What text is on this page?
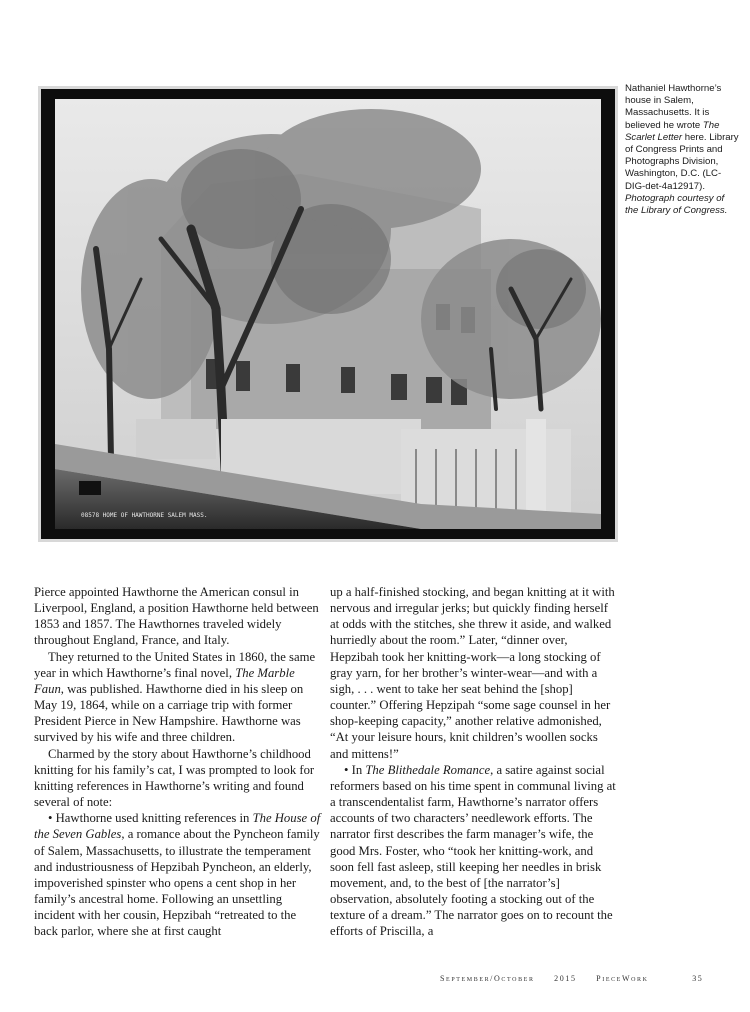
08578 HOME OF HAWTHORNE SALEM MASS.
Nathaniel Hawthorne’s house in Salem, Massachusetts. It is believed he wrote The Scarlet Letter here. Library of Congress Prints and Photographs Division, Washington, D.C. (LC-DIG-det-4a12917). Photograph courtesy of the Library of Congress.

Pierce appointed Hawthorne the American consul in Liverpool, England, a position Hawthorne held between 1853 and 1857. The Hawthornes traveled widely throughout England, France, and Italy.

They returned to the United States in 1860, the same year in which Hawthorne’s final novel, The Marble Faun, was published. Hawthorne died in his sleep on May 19, 1864, while on a carriage trip with former President Pierce in New Hampshire. Hawthorne was survived by his wife and three children.

Charmed by the story about Hawthorne’s childhood knitting for his family’s cat, I was prompted to look for knitting references in Hawthorne’s writing and found several of note:

• Hawthorne used knitting references in The House of the Seven Gables, a romance about the Pyncheon family of Salem, Massachusetts, to illustrate the temperament and industriousness of Hepzibah Pyncheon, an elderly, impoverished spinster who opens a cent shop in her family’s ancestral home. Following an unsettling incident with her cousin, Hepzibah “retreated to the back parlor, where she at first caught

up a half-finished stocking, and began knitting at it with nervous and irregular jerks; but quickly finding herself at odds with the stitches, she threw it aside, and walked hurriedly about the room.” Later, “dinner over, Hepzibah took her knitting-work—a long stocking of gray yarn, for her brother’s winter-wear—and with a sigh, . . . went to take her seat behind the [shop] counter.” Offering Hepzipah “some sage counsel in her shop-keeping capacity,” another relative admonished, “At your leisure hours, knit children’s woollen socks and mittens!”

• In The Blithedale Romance, a satire against social reformers based on his time spent in communal living at a transcendentalist farm, Hawthorne’s narrator offers accounts of two characters’ needlework efforts. The narrator first describes the farm manager’s wife, the good Mrs. Foster, who “took her knitting-work, and soon fell fast asleep, still keeping her needles in brisk movement, and, to the best of [the narrator’s] observation, absolutely footing a stocking out of the texture of a dream.” The narrator goes on to recount the efforts of Priscilla, a

September/October 2015 PieceWork	35
